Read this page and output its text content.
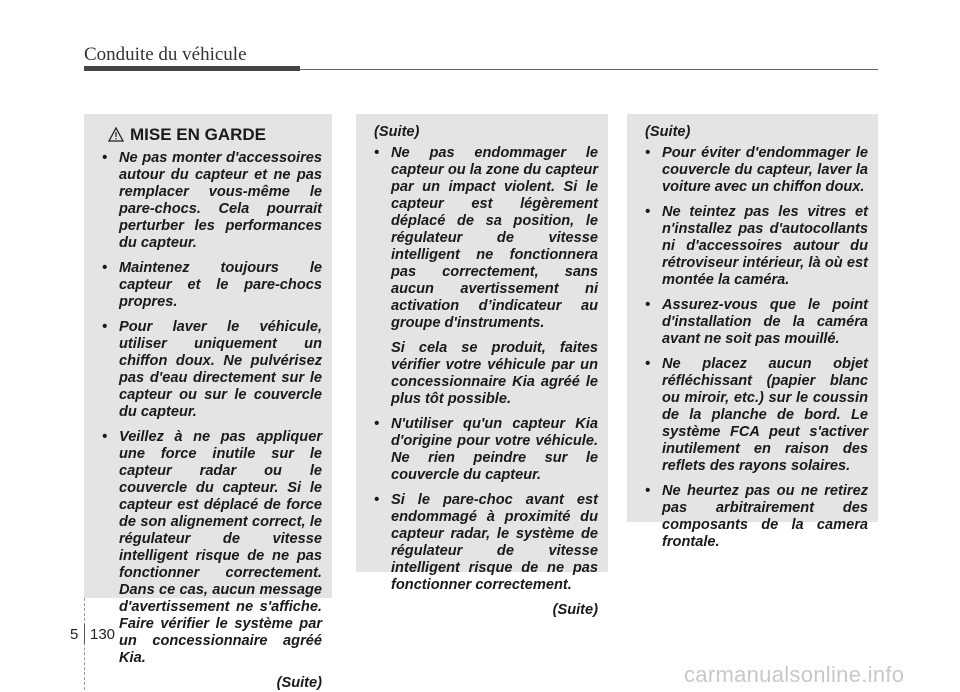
Conduite du véhicule
MISE EN GARDE
• Ne pas monter d'accessoires autour du capteur et ne pas remplacer vous-même le pare-chocs. Cela pourrait perturber les performances du capteur.
• Maintenez toujours le capteur et le pare-chocs propres.
• Pour laver le véhicule, utiliser uniquement un chiffon doux. Ne pulvérisez pas d'eau directement sur le capteur ou sur le couvercle du capteur.
• Veillez à ne pas appliquer une force inutile sur le capteur radar ou le couvercle du capteur. Si le capteur est déplacé de force de son alignement correct, le régulateur de vitesse intelligent risque de ne pas fonctionner correctement. Dans ce cas, aucun message d'avertissement ne s'affiche. Faire vérifier le système par un concessionnaire agréé Kia.
(Suite)
(Suite)
• Ne pas endommager le capteur ou la zone du capteur par un impact violent. Si le capteur est légèrement déplacé de sa position, le régulateur de vitesse intelligent ne fonctionnera pas correctement, sans aucun avertissement ni activation d’indicateur au groupe d'instruments.
Si cela se produit, faites vérifier votre véhicule par un concessionnaire Kia agréé le plus tôt possible.
• N'utiliser qu'un capteur Kia d'origine pour votre véhicule. Ne rien peindre sur le couvercle du capteur.
• Si le pare-choc avant est endommagé à proximité du capteur radar, le système de régulateur de vitesse intelligent risque de ne pas fonctionner correctement.
(Suite)
(Suite)
• Pour éviter d'endommager le couvercle du capteur, laver la voiture avec un chiffon doux.
• Ne teintez pas les vitres et n'installez pas d'autocollants ni d'accessoires autour du rétroviseur intérieur, là où est montée la caméra.
• Assurez-vous que le point d'installation de la caméra avant ne soit pas mouillé.
• Ne placez aucun objet réfléchissant (papier blanc ou miroir, etc.) sur le coussin de la planche de bord. Le système FCA peut s'activer inutilement en raison des reflets des rayons solaires.
• Ne heurtez pas ou ne retirez pas arbitrairement des composants de la camera frontale.
5 130
carmanualsonline.info
